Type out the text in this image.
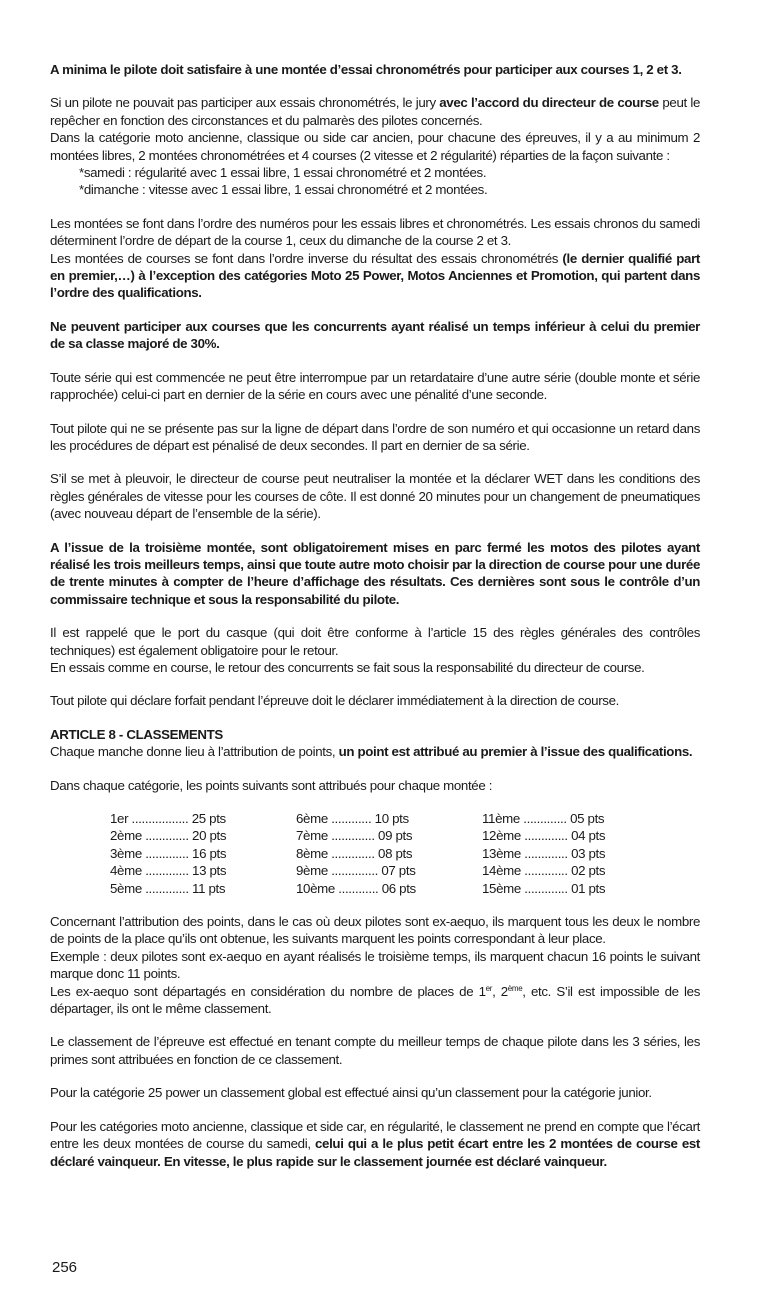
A minima le pilote doit satisfaire à une montée d’essai chronométrés pour participer aux courses 1, 2 et 3.

Si un pilote ne pouvait pas participer aux essais chronométrés, le jury avec l’accord du directeur de course peut le repêcher en fonction des circonstances et du palmarès des pilotes concernés.

Dans la catégorie moto ancienne, classique ou side car ancien, pour chacune des épreuves, il y a au minimum 2 montées libres, 2 montées chronométrées et 4 courses (2 vitesse et 2 régularité) réparties de la façon suivante :

*samedi : régularité avec 1 essai libre, 1 essai chronométré et 2 montées.

*dimanche : vitesse avec 1 essai libre, 1 essai chronométré et 2 montées.

Les montées se font dans l’ordre des numéros pour les essais libres et chronométrés. Les essais chronos du samedi déterminent l’ordre de départ de la course 1, ceux du dimanche de la course 2 et 3.

Les montées de courses se font dans l’ordre inverse du résultat des essais chronométrés (le dernier qualifié part en premier,…) à l’exception des catégories Moto 25 Power, Motos Anciennes et Promotion, qui partent dans l’ordre des qualifications.

Ne peuvent participer aux courses que les concurrents ayant réalisé un temps inférieur à celui du premier de sa classe majoré de 30%.

Toute série qui est commencée ne peut être interrompue par un retardataire d’une autre série (double monte et série rapprochée) celui-ci part en dernier de la série en cours avec une pénalité d’une seconde.

Tout pilote qui ne se présente pas sur la ligne de départ dans l’ordre de son numéro et qui occasionne un retard dans les procédures de départ est pénalisé de deux secondes. Il part en dernier de sa série.

S’il se met à pleuvoir, le directeur de course peut neutraliser la montée et la déclarer WET dans les conditions des règles générales de vitesse pour les courses de côte. Il est donné 20 minutes pour un changement de pneumatiques (avec nouveau départ de l’ensemble de la série).

A l’issue de la troisième montée, sont obligatoirement mises en parc fermé les motos des pilotes ayant réalisé les trois meilleurs temps, ainsi que toute autre moto choisir par la direction de course pour une durée de trente minutes à compter de l’heure d’affichage des résultats. Ces dernières sont sous le contrôle d’un commissaire technique et sous la responsabilité du pilote.

Il est rappelé que le port du casque (qui doit être conforme à l’article 15 des règles générales des contrôles techniques) est également obligatoire pour le retour.

En essais comme en course, le retour des concurrents se fait sous la responsabilité du directeur de course.

Tout pilote qui déclare forfait pendant l’épreuve doit le déclarer immédiatement à la direction de course.

ARTICLE 8 - CLASSEMENTS

Chaque manche donne lieu à l’attribution de points, un point est attribué au premier à l’issue des qualifications.

Dans chaque catégorie, les points suivants sont attribués pour chaque montée :

1er ................. 25 pts	6ème ............ 10 pts	11ème ............. 05 pts
2ème ............. 20 pts	7ème ............. 09 pts	12ème ............. 04 pts
3ème ............. 16 pts	8ème ............. 08 pts	13ème ............. 03 pts
4ème ............. 13 pts	9ème .............. 07 pts	14ème ............. 02 pts
5ème ............. 11 pts	10ème ............ 06 pts	15ème ............. 01 pts

Concernant l’attribution des points, dans le cas où deux pilotes sont ex-aequo, ils marquent tous les deux le nombre de points de la place qu’ils ont obtenue, les suivants marquent les points correspondant à leur place.

Exemple : deux pilotes sont ex-aequo en ayant réalisés le troisième temps, ils marquent chacun 16 points le suivant marque donc 11 points.

Les ex-aequo sont départagés en considération du nombre de places de 1er, 2ème, etc. S’il est impossible de les départager, ils ont le même classement.

Le classement de l’épreuve est effectué en tenant compte du meilleur temps de chaque pilote dans les 3 séries, les primes sont attribuées en fonction de ce classement.

Pour la catégorie 25 power un classement global est effectué ainsi qu’un classement pour la catégorie junior.

Pour les catégories moto ancienne, classique et side car, en régularité, le classement ne prend en compte que l’écart entre les deux montées de course du samedi, celui qui a le plus petit écart entre les 2 montées de course est déclaré vainqueur. En vitesse, le plus rapide sur le classement journée est déclaré vainqueur.

256
